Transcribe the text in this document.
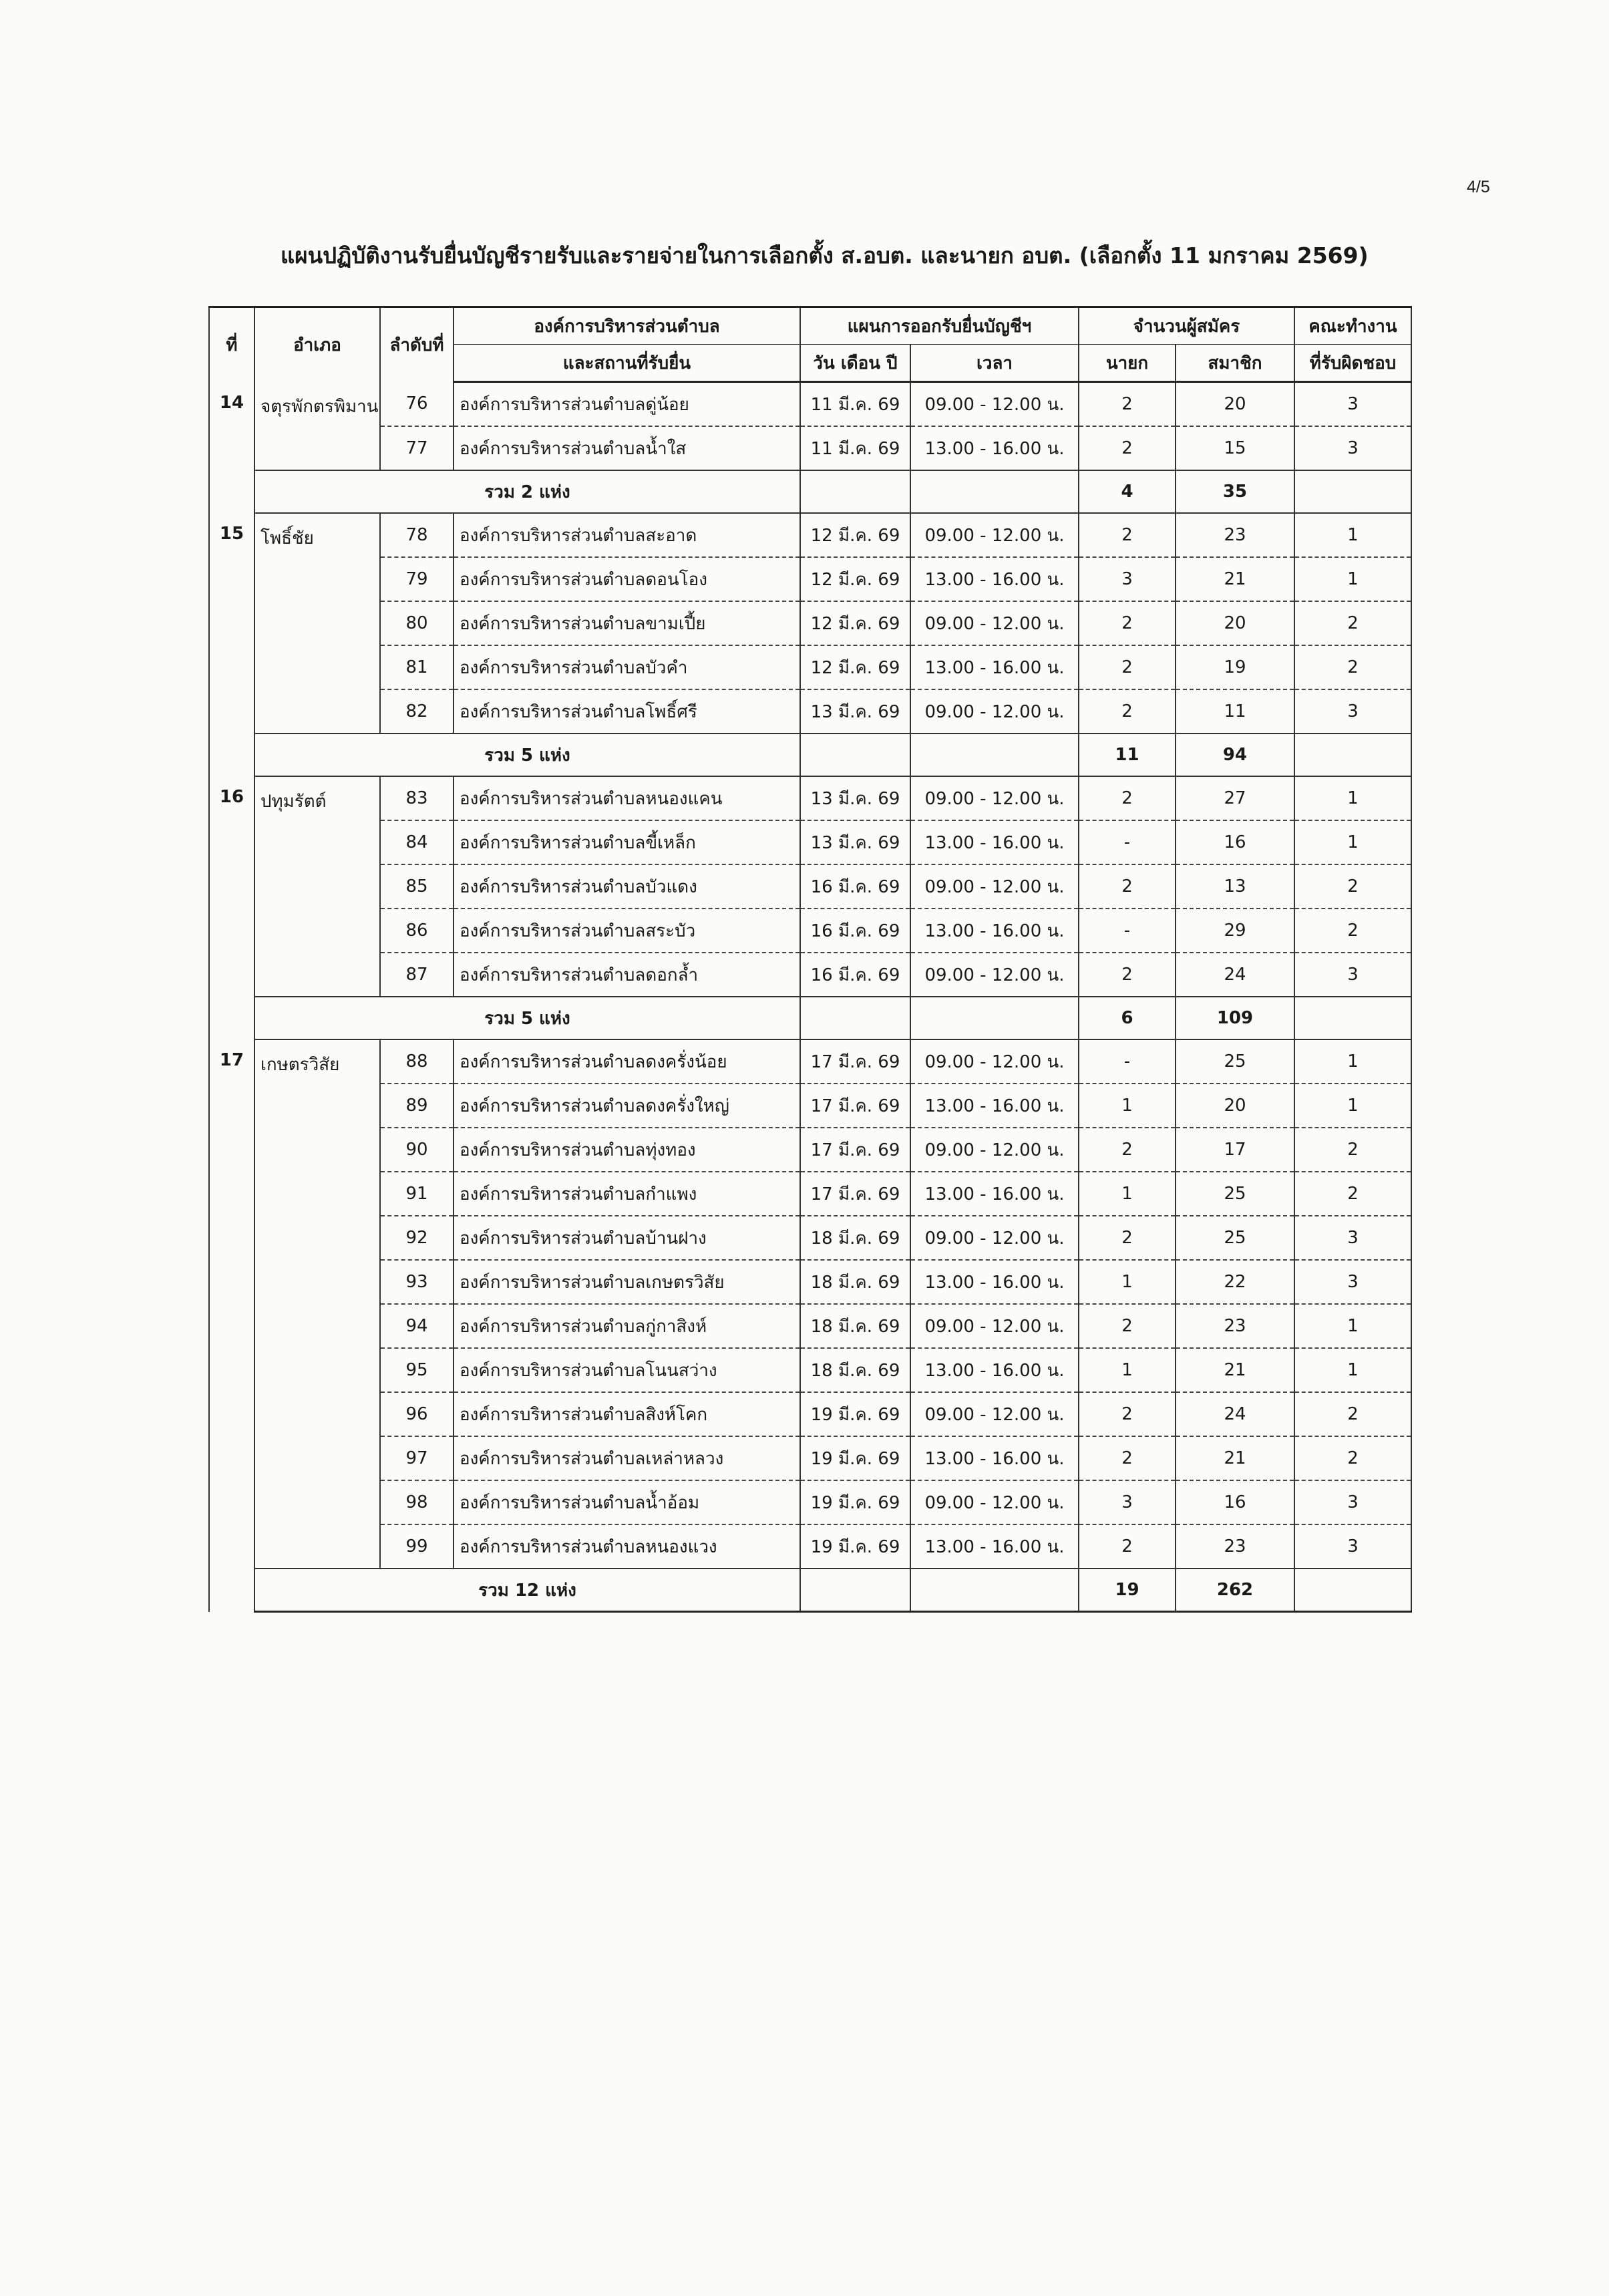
4/5
แผนปฏิบัติงานรับยื่นบัญชีรายรับและรายจ่ายในการเลือกตั้ง ส.อบต. และนายก อบต. (เลือกตั้ง 11 มกราคม 2569)
ที่	อำเภอ	ลำดับที่	องค์การบริหารส่วนตำบล	แผนการออกรับยื่นบัญชีฯ		จำนวนผู้สมัคร		คณะทำงาน
			และสถานที่รับยื่น	วัน เดือน ปี	เวลา	นายก	สมาชิก	ที่รับผิดชอบ
14	จตุรพักตรพิมาน	76	องค์การบริหารส่วนตำบลดู่น้อย	11 มี.ค. 69	09.00 - 12.00 น.	2	20	3
		77	องค์การบริหารส่วนตำบลน้ำใส	11 มี.ค. 69	13.00 - 16.00 น.	2	15	3
	รวม 2 แห่ง					4	35	
15	โพธิ์ชัย	78	องค์การบริหารส่วนตำบลสะอาด	12 มี.ค. 69	09.00 - 12.00 น.	2	23	1
		79	องค์การบริหารส่วนตำบลดอนโอง	12 มี.ค. 69	13.00 - 16.00 น.	3	21	1
		80	องค์การบริหารส่วนตำบลขามเปี้ย	12 มี.ค. 69	09.00 - 12.00 น.	2	20	2
		81	องค์การบริหารส่วนตำบลบัวคำ	12 มี.ค. 69	13.00 - 16.00 น.	2	19	2
		82	องค์การบริหารส่วนตำบลโพธิ์ศรี	13 มี.ค. 69	09.00 - 12.00 น.	2	11	3
	รวม 5 แห่ง					11	94	
16	ปทุมรัตต์	83	องค์การบริหารส่วนตำบลหนองแคน	13 มี.ค. 69	09.00 - 12.00 น.	2	27	1
		84	องค์การบริหารส่วนตำบลขี้เหล็ก	13 มี.ค. 69	13.00 - 16.00 น.	-	16	1
		85	องค์การบริหารส่วนตำบลบัวแดง	16 มี.ค. 69	09.00 - 12.00 น.	2	13	2
		86	องค์การบริหารส่วนตำบลสระบัว	16 มี.ค. 69	13.00 - 16.00 น.	-	29	2
		87	องค์การบริหารส่วนตำบลดอกล้ำ	16 มี.ค. 69	09.00 - 12.00 น.	2	24	3
	รวม 5 แห่ง					6	109	
17	เกษตรวิสัย	88	องค์การบริหารส่วนตำบลดงครั่งน้อย	17 มี.ค. 69	09.00 - 12.00 น.	-	25	1
		89	องค์การบริหารส่วนตำบลดงครั่งใหญ่	17 มี.ค. 69	13.00 - 16.00 น.	1	20	1
		90	องค์การบริหารส่วนตำบลทุ่งทอง	17 มี.ค. 69	09.00 - 12.00 น.	2	17	2
		91	องค์การบริหารส่วนตำบลกำแพง	17 มี.ค. 69	13.00 - 16.00 น.	1	25	2
		92	องค์การบริหารส่วนตำบลบ้านฝาง	18 มี.ค. 69	09.00 - 12.00 น.	2	25	3
		93	องค์การบริหารส่วนตำบลเกษตรวิสัย	18 มี.ค. 69	13.00 - 16.00 น.	1	22	3
		94	องค์การบริหารส่วนตำบลกู่กาสิงห์	18 มี.ค. 69	09.00 - 12.00 น.	2	23	1
		95	องค์การบริหารส่วนตำบลโนนสว่าง	18 มี.ค. 69	13.00 - 16.00 น.	1	21	1
		96	องค์การบริหารส่วนตำบลสิงห์โคก	19 มี.ค. 69	09.00 - 12.00 น.	2	24	2
		97	องค์การบริหารส่วนตำบลเหล่าหลวง	19 มี.ค. 69	13.00 - 16.00 น.	2	21	2
		98	องค์การบริหารส่วนตำบลน้ำอ้อม	19 มี.ค. 69	09.00 - 12.00 น.	3	16	3
		99	องค์การบริหารส่วนตำบลหนองแวง	19 มี.ค. 69	13.00 - 16.00 น.	2	23	3
	รวม 12 แห่ง					19	262	
